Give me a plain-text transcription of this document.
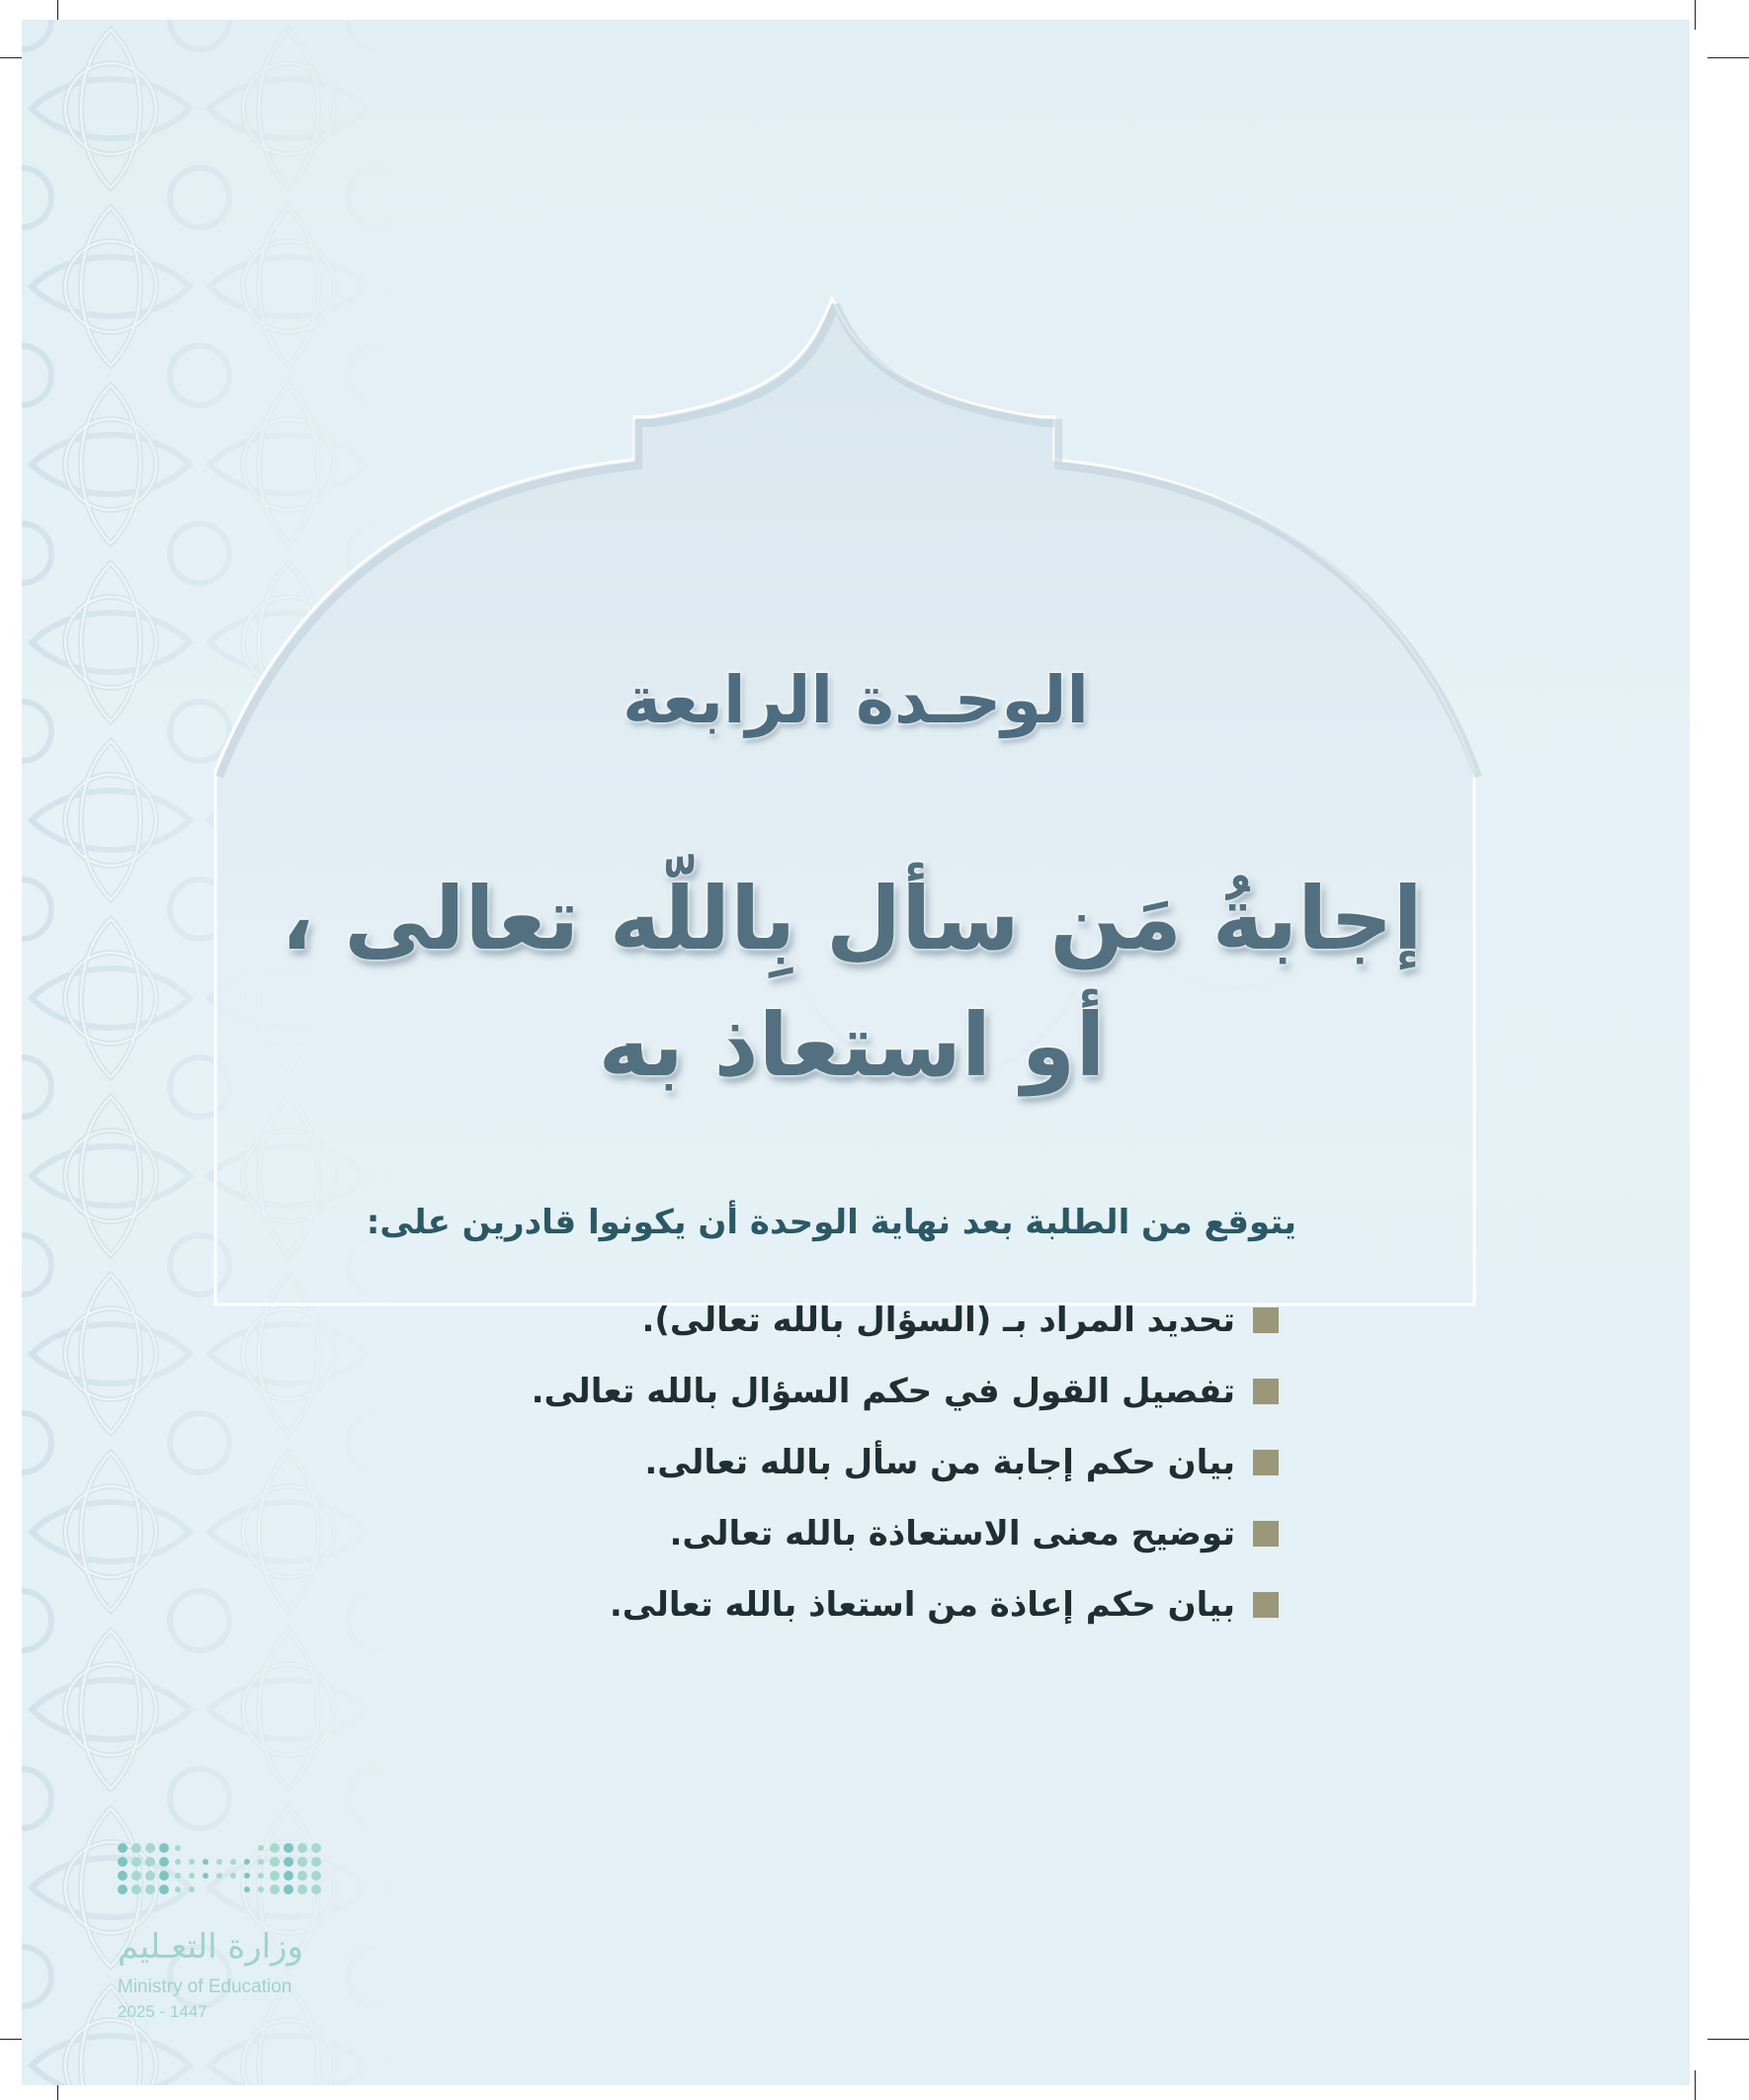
الوحـدة الرابعة
إجابةُ مَن سأل بِاللّه تعالى ،
أو استعاذ به
يتوقع من الطلبة بعد نهاية الوحدة أن يكونوا قادرين على:
تحديد المراد بـ (السؤال بالله تعالى).
تفصيل القول في حكم السؤال بالله تعالى.
بيان حكم إجابة من سأل بالله تعالى.
توضيح معنى الاستعاذة بالله تعالى.
بيان حكم إعاذة من استعاذ بالله تعالى.
وزارة التعـليم
Ministry of Education
2025 - 1447
